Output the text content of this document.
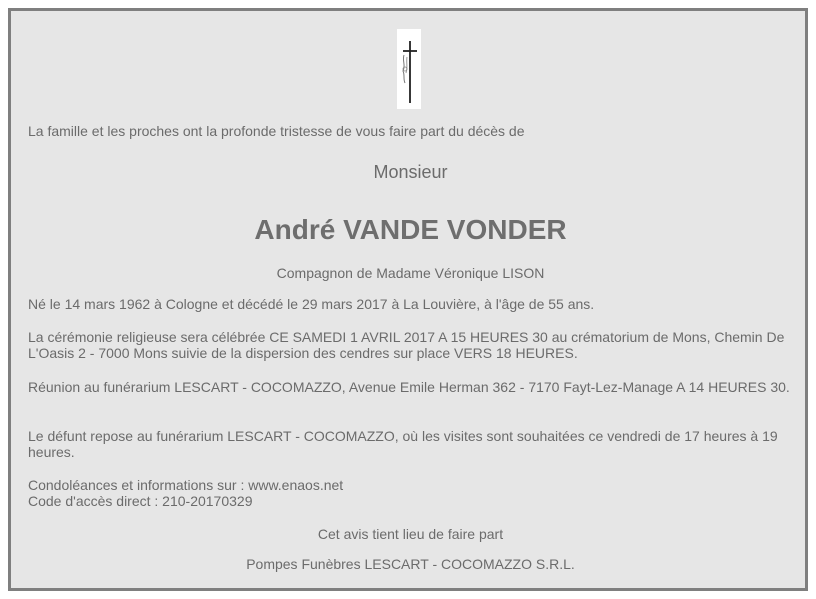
La famille et les proches ont la profonde tristesse de vous faire part du décès de

Monsieur

André VANDE VONDER

Compagnon de Madame Véronique LISON

Né le 14 mars 1962 à Cologne et décédé le 29 mars 2017 à La Louvière, à l'âge de 55 ans.

La cérémonie religieuse sera célébrée CE SAMEDI 1 AVRIL 2017 A 15 HEURES 30 au crématorium de Mons, Chemin De L'Oasis 2 - 7000 Mons suivie de la dispersion des cendres sur place VERS 18 HEURES.

Réunion au funérarium LESCART - COCOMAZZO, Avenue Emile Herman 362 - 7170 Fayt-Lez-Manage A 14 HEURES 30.

Le défunt repose au funérarium LESCART - COCOMAZZO, où les visites sont souhaitées ce vendredi de 17 heures à 19 heures.

Condoléances et informations sur : www.enaos.net

Code d'accès direct : 210-20170329

Cet avis tient lieu de faire part

Pompes Funèbres LESCART - COCOMAZZO S.R.L.
